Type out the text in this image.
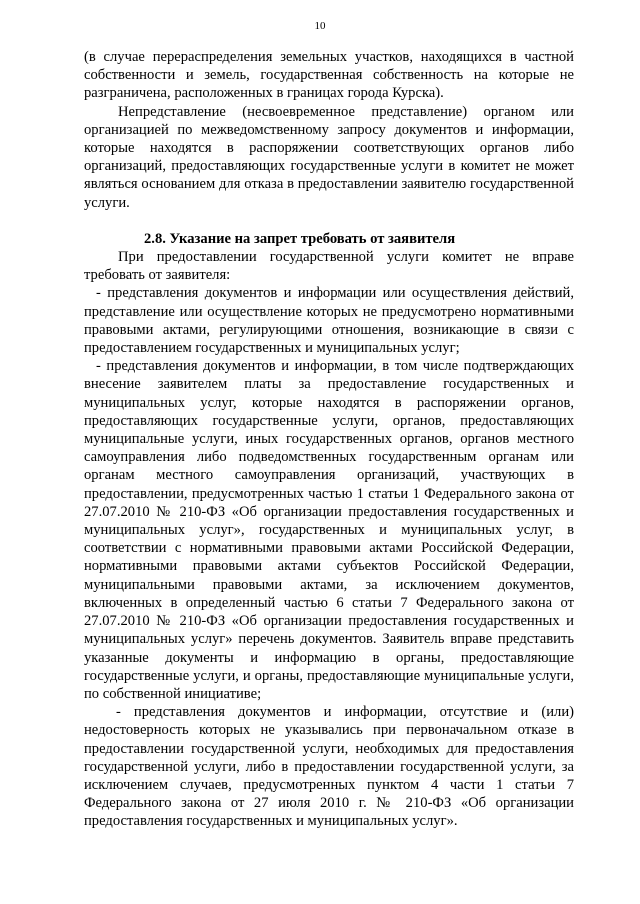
10

(в случае перераспределения земельных участков, находящихся в частной собственности и земель, государственная собственность на которые не разграничена, расположенных в границах города Курска).

Непредставление (несвоевременное представление) органом или организацией по межведомственному запросу документов и информации, которые находятся в распоряжении соответствующих органов либо организаций, предоставляющих государственные услуги в комитет не может являться основанием для отказа в предоставлении заявителю государственной услуги.

2.8. Указание на запрет требовать от заявителя

При предоставлении государственной услуги комитет не вправе требовать от заявителя:

- представления документов и информации или осуществления действий, представление или осуществление которых не предусмотрено нормативными правовыми актами, регулирующими отношения, возникающие в связи с предоставлением государственных и муниципальных услуг;

- представления документов и информации, в том числе подтверждающих внесение заявителем платы за предоставление государственных и муниципальных услуг, которые находятся в распоряжении органов, предоставляющих государственные услуги, органов, предоставляющих муниципальные услуги, иных государственных органов, органов местного самоуправления либо подведомственных государственным органам или органам местного самоуправления организаций, участвующих в предоставлении, предусмотренных частью 1 статьи 1 Федерального закона от 27.07.2010 № 210-ФЗ «Об организации предоставления государственных и муниципальных услуг», государственных и муниципальных услуг, в соответствии с нормативными правовыми актами Российской Федерации, нормативными правовыми актами субъектов Российской Федерации, муниципальными правовыми актами, за исключением документов, включенных в определенный частью 6 статьи 7 Федерального закона от 27.07.2010 № 210-ФЗ «Об организации предоставления государственных и муниципальных услуг» перечень документов. Заявитель вправе представить указанные документы и информацию в органы, предоставляющие государственные услуги, и органы, предоставляющие муниципальные услуги, по собственной инициативе;

- представления документов и информации, отсутствие и (или) недостоверность которых не указывались при первоначальном отказе в предоставлении государственной услуги, необходимых для предоставления государственной услуги, либо в предоставлении государственной услуги, за исключением случаев, предусмотренных пунктом 4 части 1 статьи 7 Федерального закона от 27 июля 2010 г. № 210-ФЗ «Об организации предоставления государственных и муниципальных услуг».
